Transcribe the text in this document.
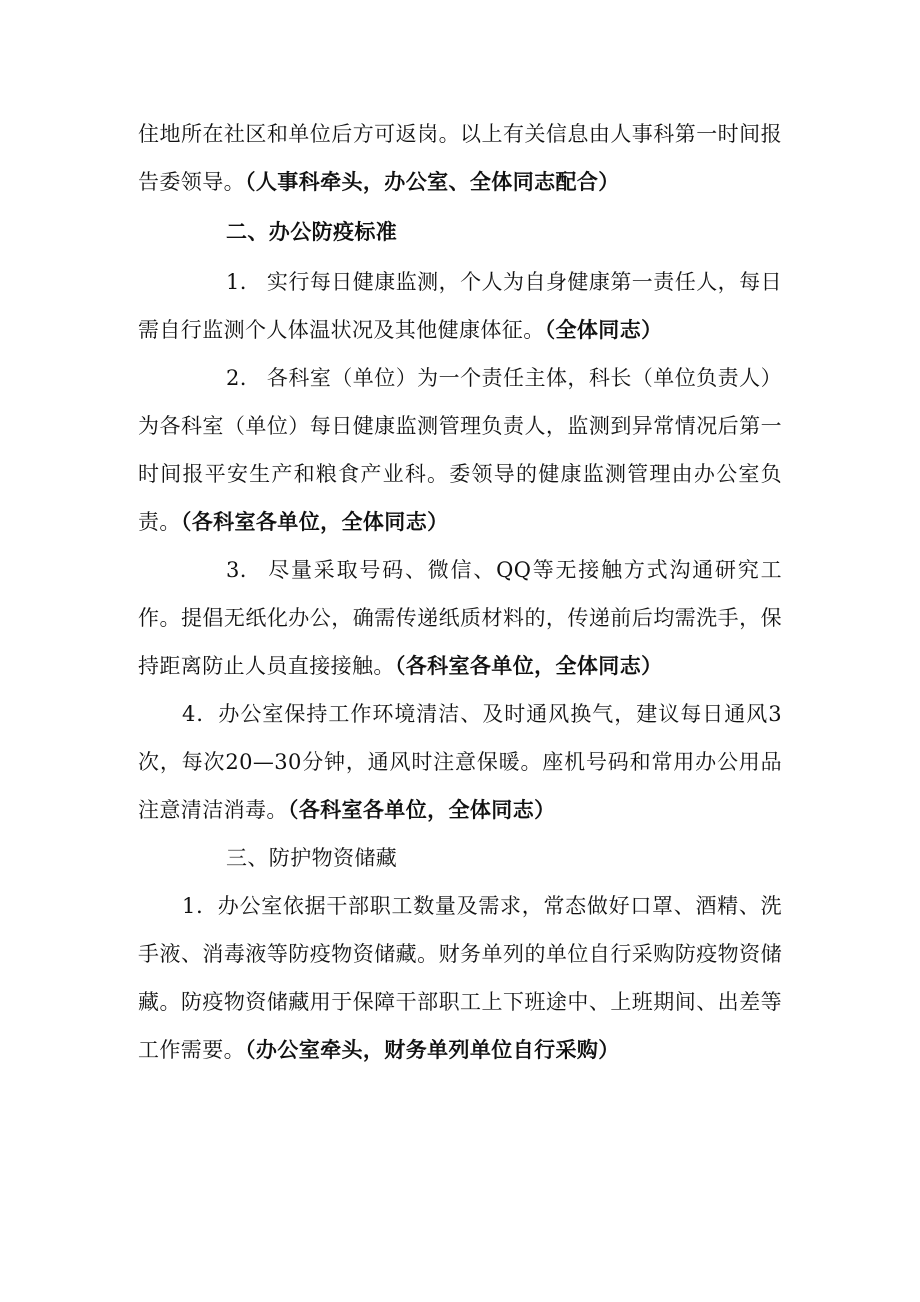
住地所在社区和单位后方可返岗。以上有关信息由人事科第一时间报告委领导。（人事科牵头，办公室、全体同志配合）

二、办公防疫标准

1. 实行每日健康监测，个人为自身健康第一责任人，每日需自行监测个人体温状况及其他健康体征。（全体同志）

2. 各科室（单位）为一个责任主体，科长（单位负责人）为各科室（单位）每日健康监测管理负责人，监测到异常情况后第一时间报平安生产和粮食产业科。委领导的健康监测管理由办公室负责。（各科室各单位，全体同志）

3. 尽量采取号码、微信、QQ等无接触方式沟通研究工作。提倡无纸化办公，确需传递纸质材料的，传递前后均需洗手，保持距离防止人员直接接触。（各科室各单位，全体同志）

4．办公室保持工作环境清洁、及时通风换气，建议每日通风3次，每次20—30分钟，通风时注意保暖。座机号码和常用办公用品注意清洁消毒。（各科室各单位，全体同志）

三、防护物资储藏

1．办公室依据干部职工数量及需求，常态做好口罩、酒精、洗手液、消毒液等防疫物资储藏。财务单列的单位自行采购防疫物资储藏。防疫物资储藏用于保障干部职工上下班途中、上班期间、出差等工作需要。（办公室牵头，财务单列单位自行采购）
